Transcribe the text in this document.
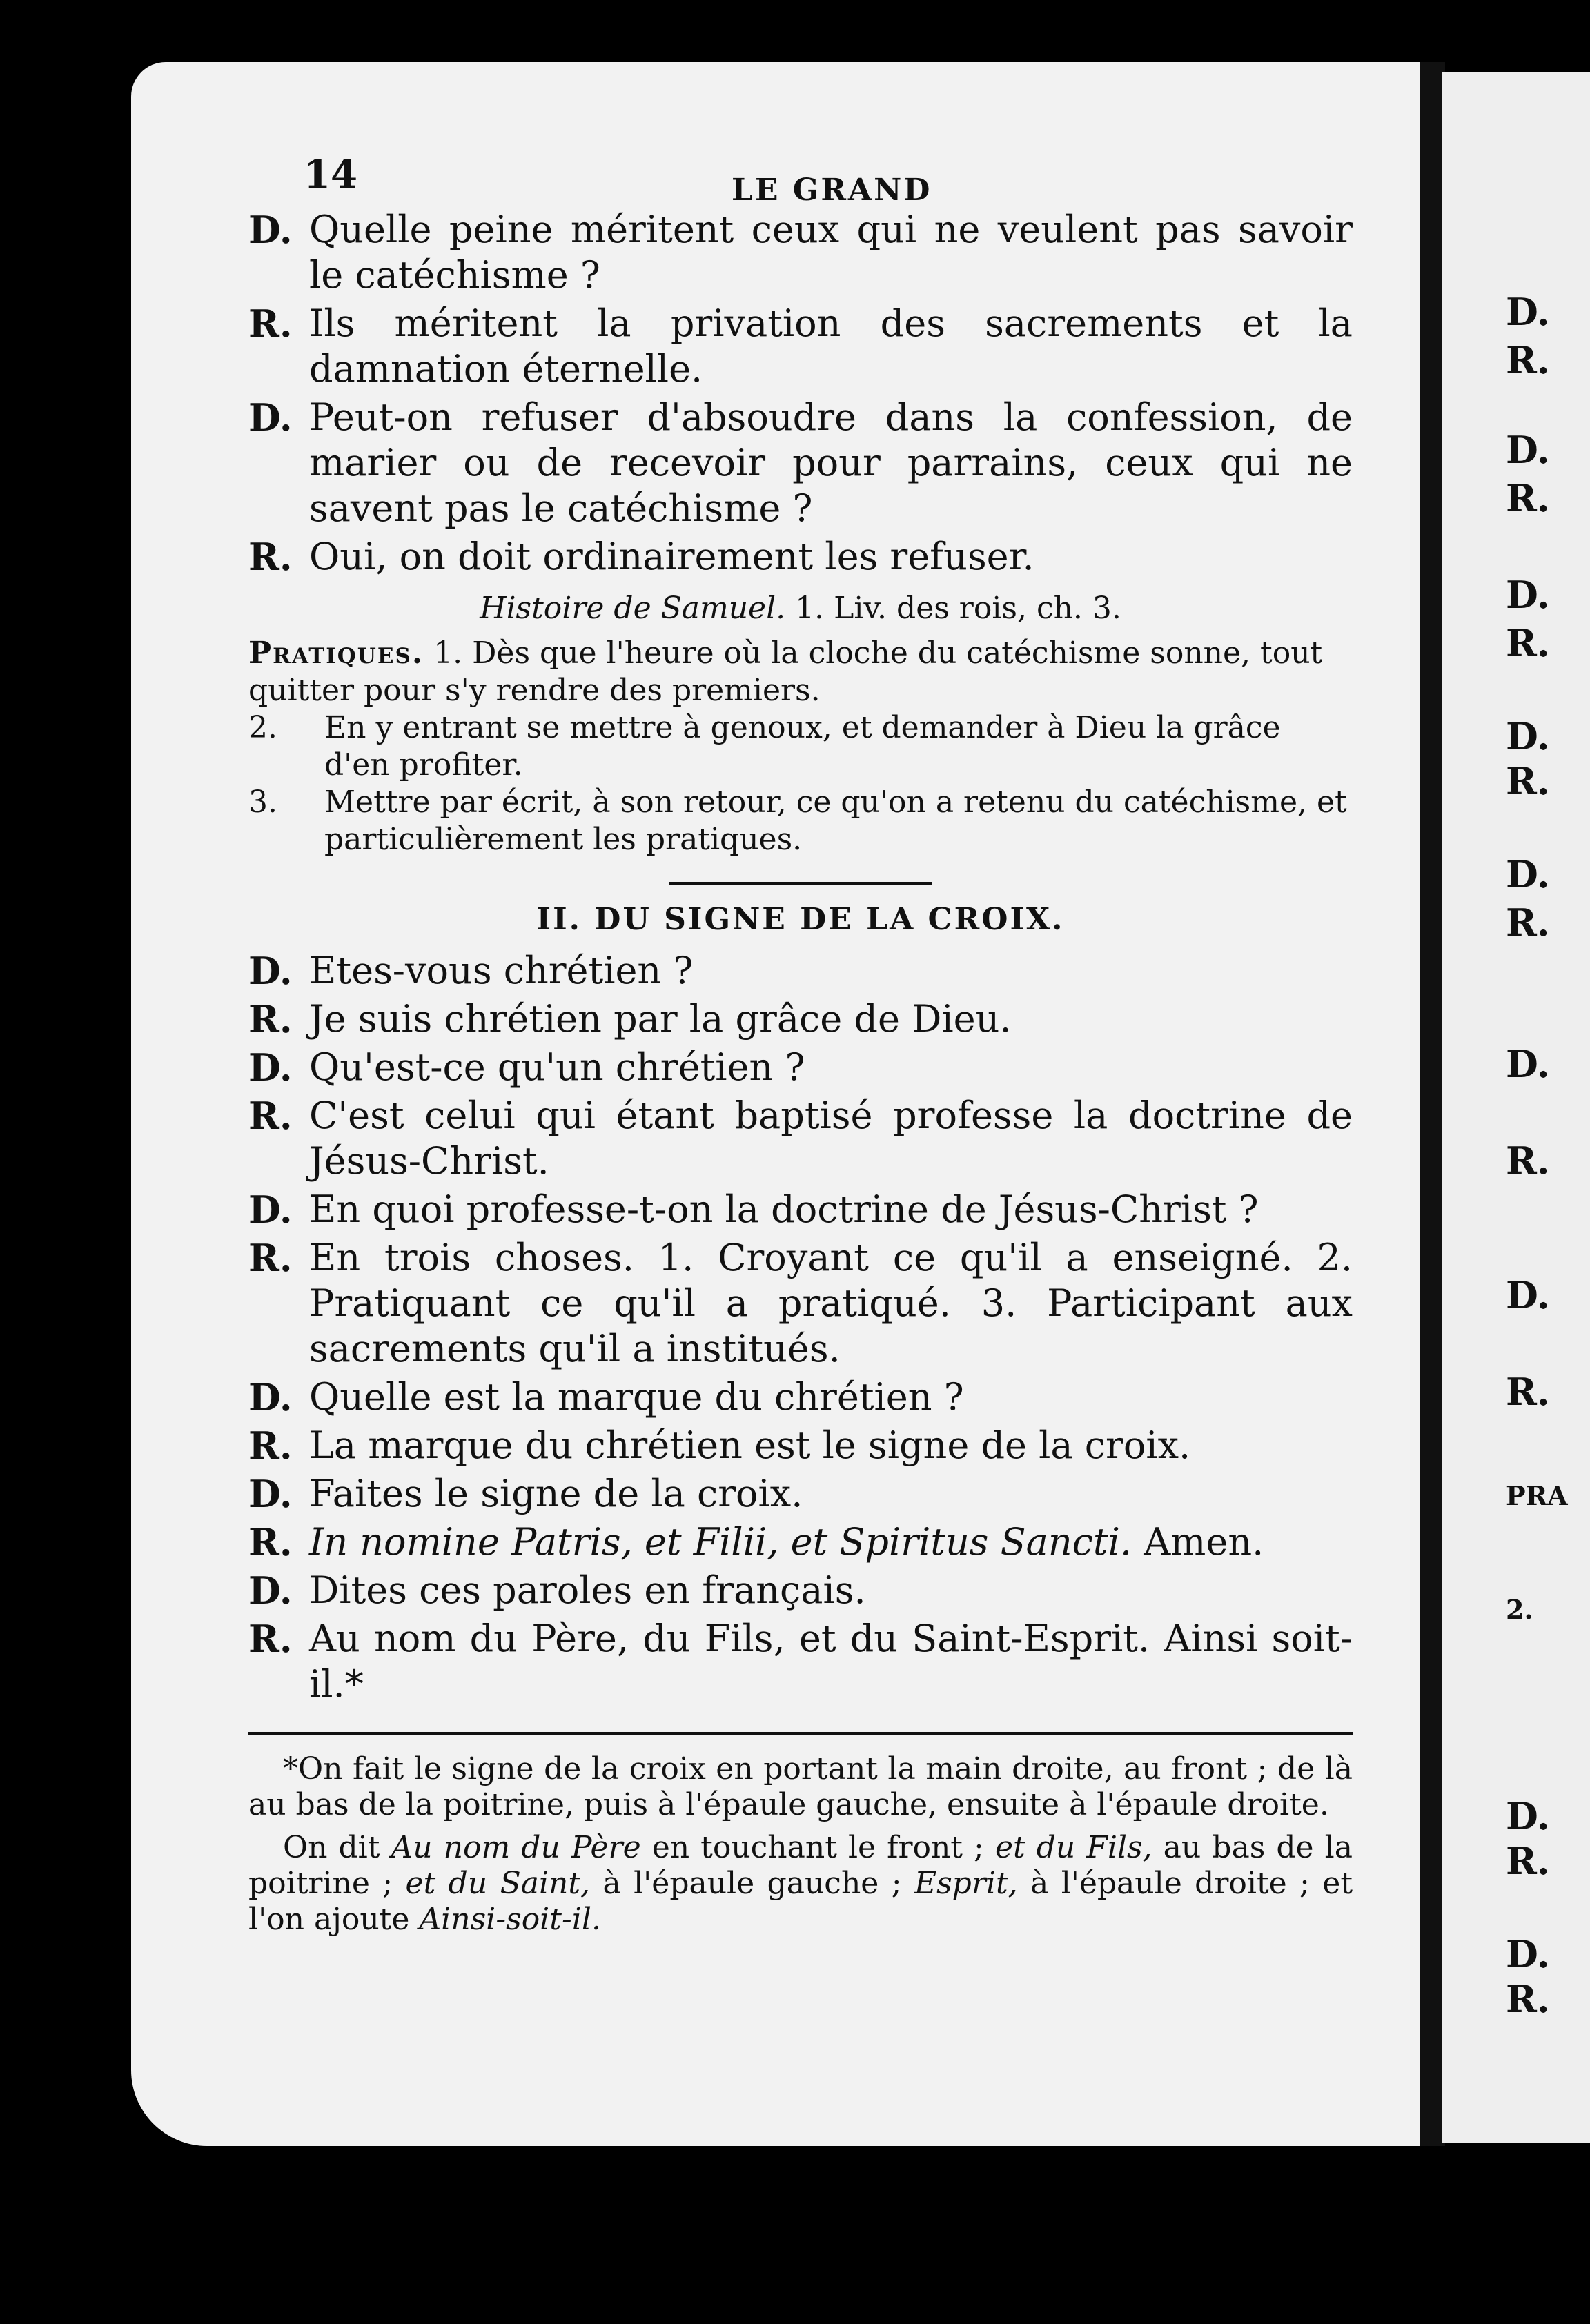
14	LE GRAND
D. Quelle peine méritent ceux qui ne veulent pas savoir le catéchisme ?
R. Ils méritent la privation des sacrements et la damnation éternelle.
D. Peut-on refuser d'absoudre dans la confession, de marier ou de recevoir pour parrains, ceux qui ne savent pas le catéchisme ?
R. Oui, on doit ordinairement les refuser.
Histoire de Samuel. 1. Liv. des rois, ch. 3.
Pratiques. 1. Dès que l'heure où la cloche du catéchisme sonne, tout quitter pour s'y rendre des premiers.
2.	En y entrant se mettre à genoux, et demander à Dieu la grâce d'en profiter.
3.	Mettre par écrit, à son retour, ce qu'on a retenu du catéchisme, et particulièrement les pratiques.
II. DU SIGNE DE LA CROIX.
D. Etes-vous chrétien ?
R. Je suis chrétien par la grâce de Dieu.
D. Qu'est-ce qu'un chrétien ?
R. C'est celui qui étant baptisé professe la doctrine de Jésus-Christ.
D. En quoi professe-t-on la doctrine de Jésus-Christ ?
R. En trois choses. 1. Croyant ce qu'il a enseigné. 2. Pratiquant ce qu'il a pratiqué. 3. Participant aux sacrements qu'il a institués.
D. Quelle est la marque du chrétien ?
R. La marque du chrétien est le signe de la croix.
D. Faites le signe de la croix.
R. In nomine Patris, et Filii, et Spiritus Sancti. Amen.
D. Dites ces paroles en français.
R. Au nom du Père, du Fils, et du Saint-Esprit. Ainsi soit-il.*

*On fait le signe de la croix en portant la main droite, au front ; de là au bas de la poitrine, puis à l'épaule gauche, ensuite à l'épaule droite.

On dit Au nom du Père en touchant le front ; et du Fils, au bas de la poitrine ; et du Saint, à l'épaule gauche ; Esprit, à l'épaule droite ; et l'on ajoute Ainsi-soit-il.

D.
R.
D.
R.
D.
R.
D.
R.
D.
R.
D.
R.
D.
R.
PRA
2.
D.
R.
D.
R.
